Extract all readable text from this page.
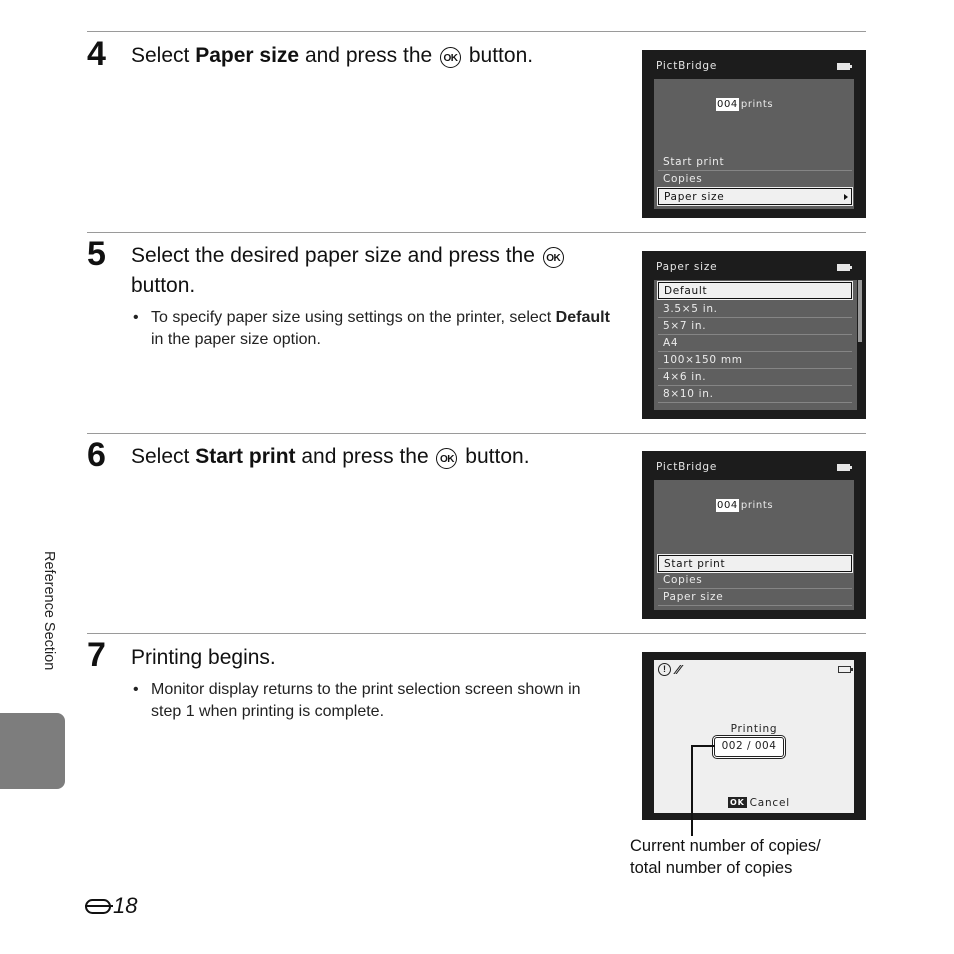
4 Select Paper size and press the OK button.	PictBridge
004 prints
Start print
Copies
Paper size
5 Select the desired paper size and press the OK
button.
• To specify paper size using settings on the printer, select Default in the paper size option.
Paper size
Default
3.5×5 in.
5×7 in.
A4
100×150 mm
4×6 in.
8×10 in.
6 Select Start print and press the OK button.	PictBridge
004 prints
Start print
Copies
Paper size
7 Printing begins.
• Monitor display returns to the print selection screen shown in step 1 when printing is complete.
! ⁄⁄
Printing
002 / 004
OK Cancel
Current number of copies/
total number of copies
Reference Section
18
